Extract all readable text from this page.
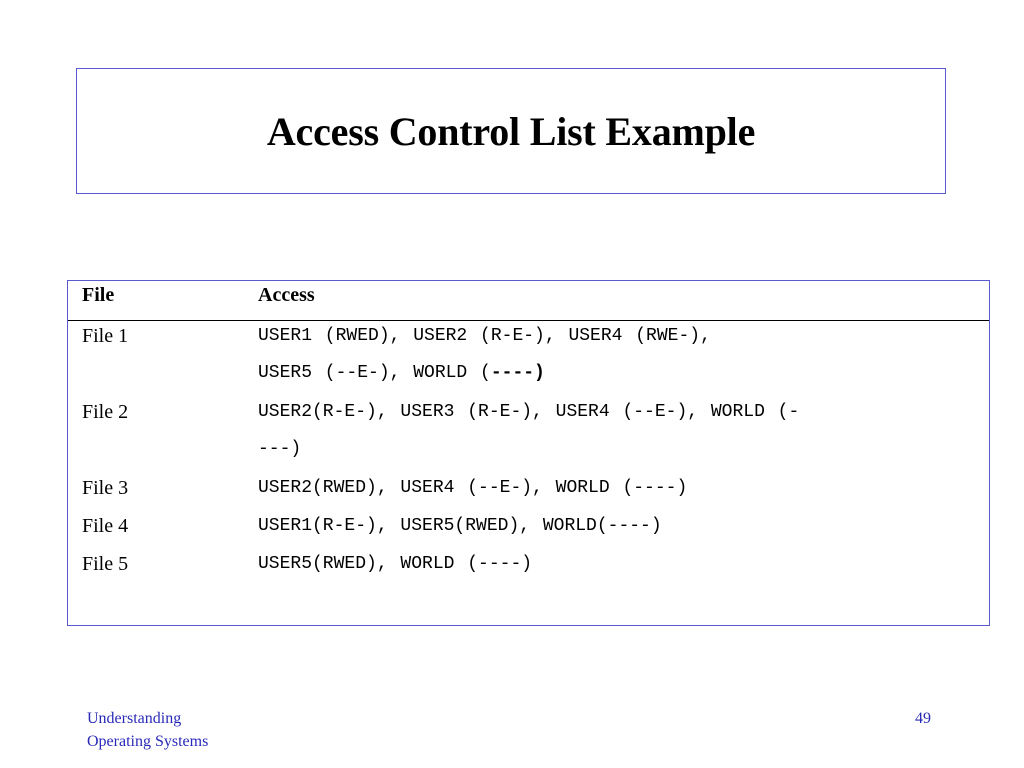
Access Control List Example
File	Access
File 1	USER1 (RWED), USER2 (R-E-), USER4 (RWE-),
USER5 (--E-), WORLD (----)
File 2	USER2(R-E-), USER3 (R-E-), USER4 (--E-), WORLD (-
---)
File 3	USER2(RWED), USER4 (--E-), WORLD (----)
File 4	USER1(R-E-), USER5(RWED), WORLD(----)
File 5	USER5(RWED), WORLD (----)
Understanding
Operating Systems
49
